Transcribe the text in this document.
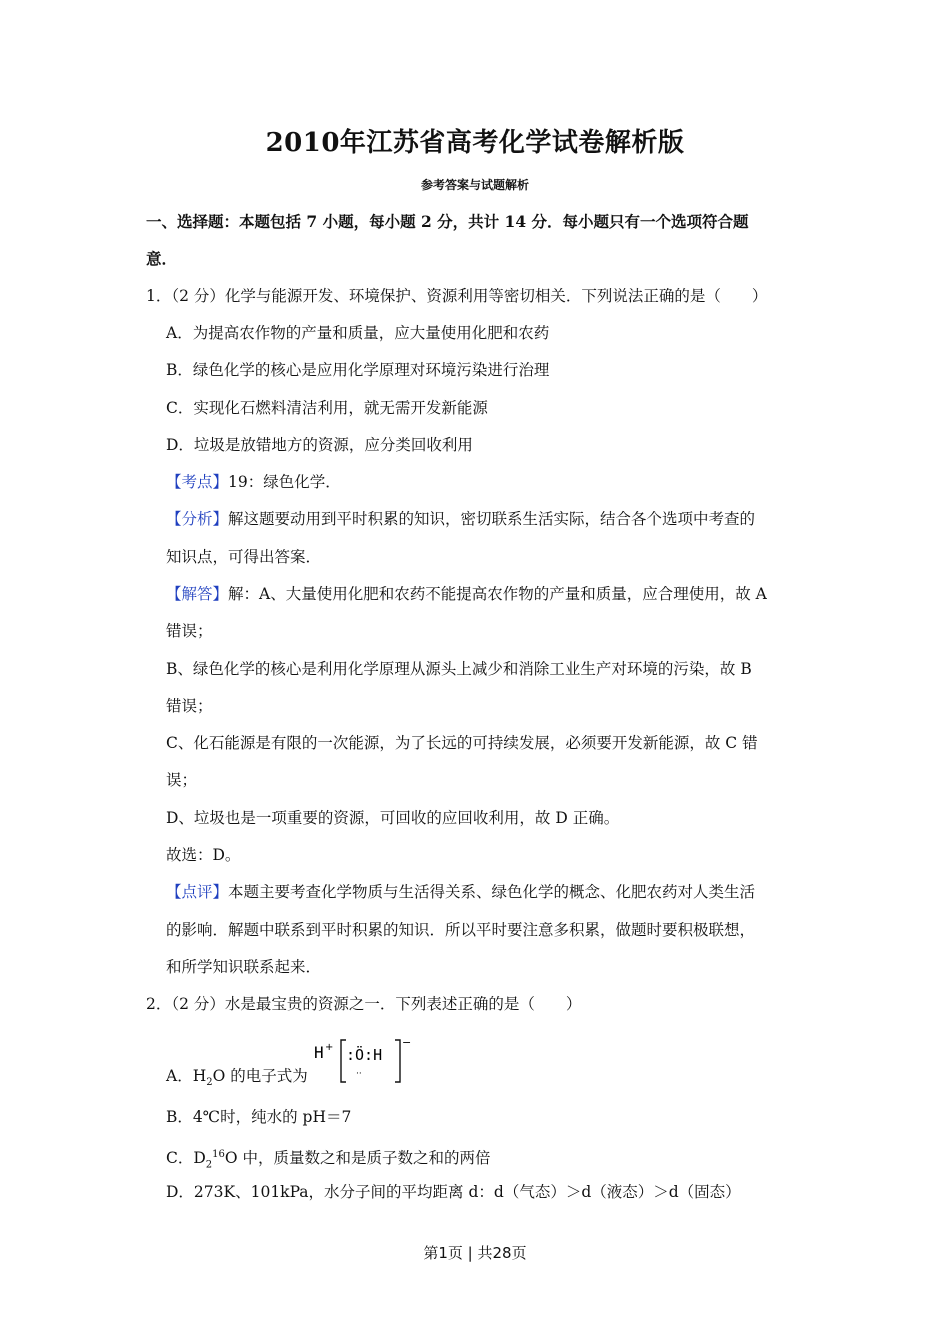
2010年江苏省高考化学试卷解析版
参考答案与试题解析
一、选择题：本题包括 7 小题，每小题 2 分，共计 14 分．每小题只有一个选项符合题
意．
1．（2 分）化学与能源开发、环境保护、资源利用等密切相关．下列说法正确的是（　　）
A．为提高农作物的产量和质量，应大量使用化肥和农药
B．绿色化学的核心是应用化学原理对环境污染进行治理
C．实现化石燃料清洁利用，就无需开发新能源
D．垃圾是放错地方的资源，应分类回收利用
【考点】19：绿色化学．
【分析】解这题要动用到平时积累的知识，密切联系生活实际，结合各个选项中考查的
知识点，可得出答案．
【解答】解：A、大量使用化肥和农药不能提高农作物的产量和质量，应合理使用，故 A
错误；
B、绿色化学的核心是利用化学原理从源头上减少和消除工业生产对环境的污染，故 B
错误；
C、化石能源是有限的一次能源，为了长远的可持续发展，必须要开发新能源，故 C 错
误；
D、垃圾也是一项重要的资源，可回收的应回收利用，故 D 正确。
故选：D。
【点评】本题主要考查化学物质与生活得关系、绿色化学的概念、化肥农药对人类生活
的影响．解题中联系到平时积累的知识．所以平时要注意多积累，做题时要积极联想，
和所学知识联系起来．
2．（2 分）水是最宝贵的资源之一．下列表述正确的是（　　）
A．$H_2O$ 的电子式为
H + :Ö:H
··
−
B．4℃时，纯水的 pH＝7
C．$D_2^{16}O$ 中，质量数之和是质子数之和的两倍
D．273K、101kPa，水分子间的平均距离 d：d（气态）＞d（液态）＞d（固态）
第1页 | 共28页
